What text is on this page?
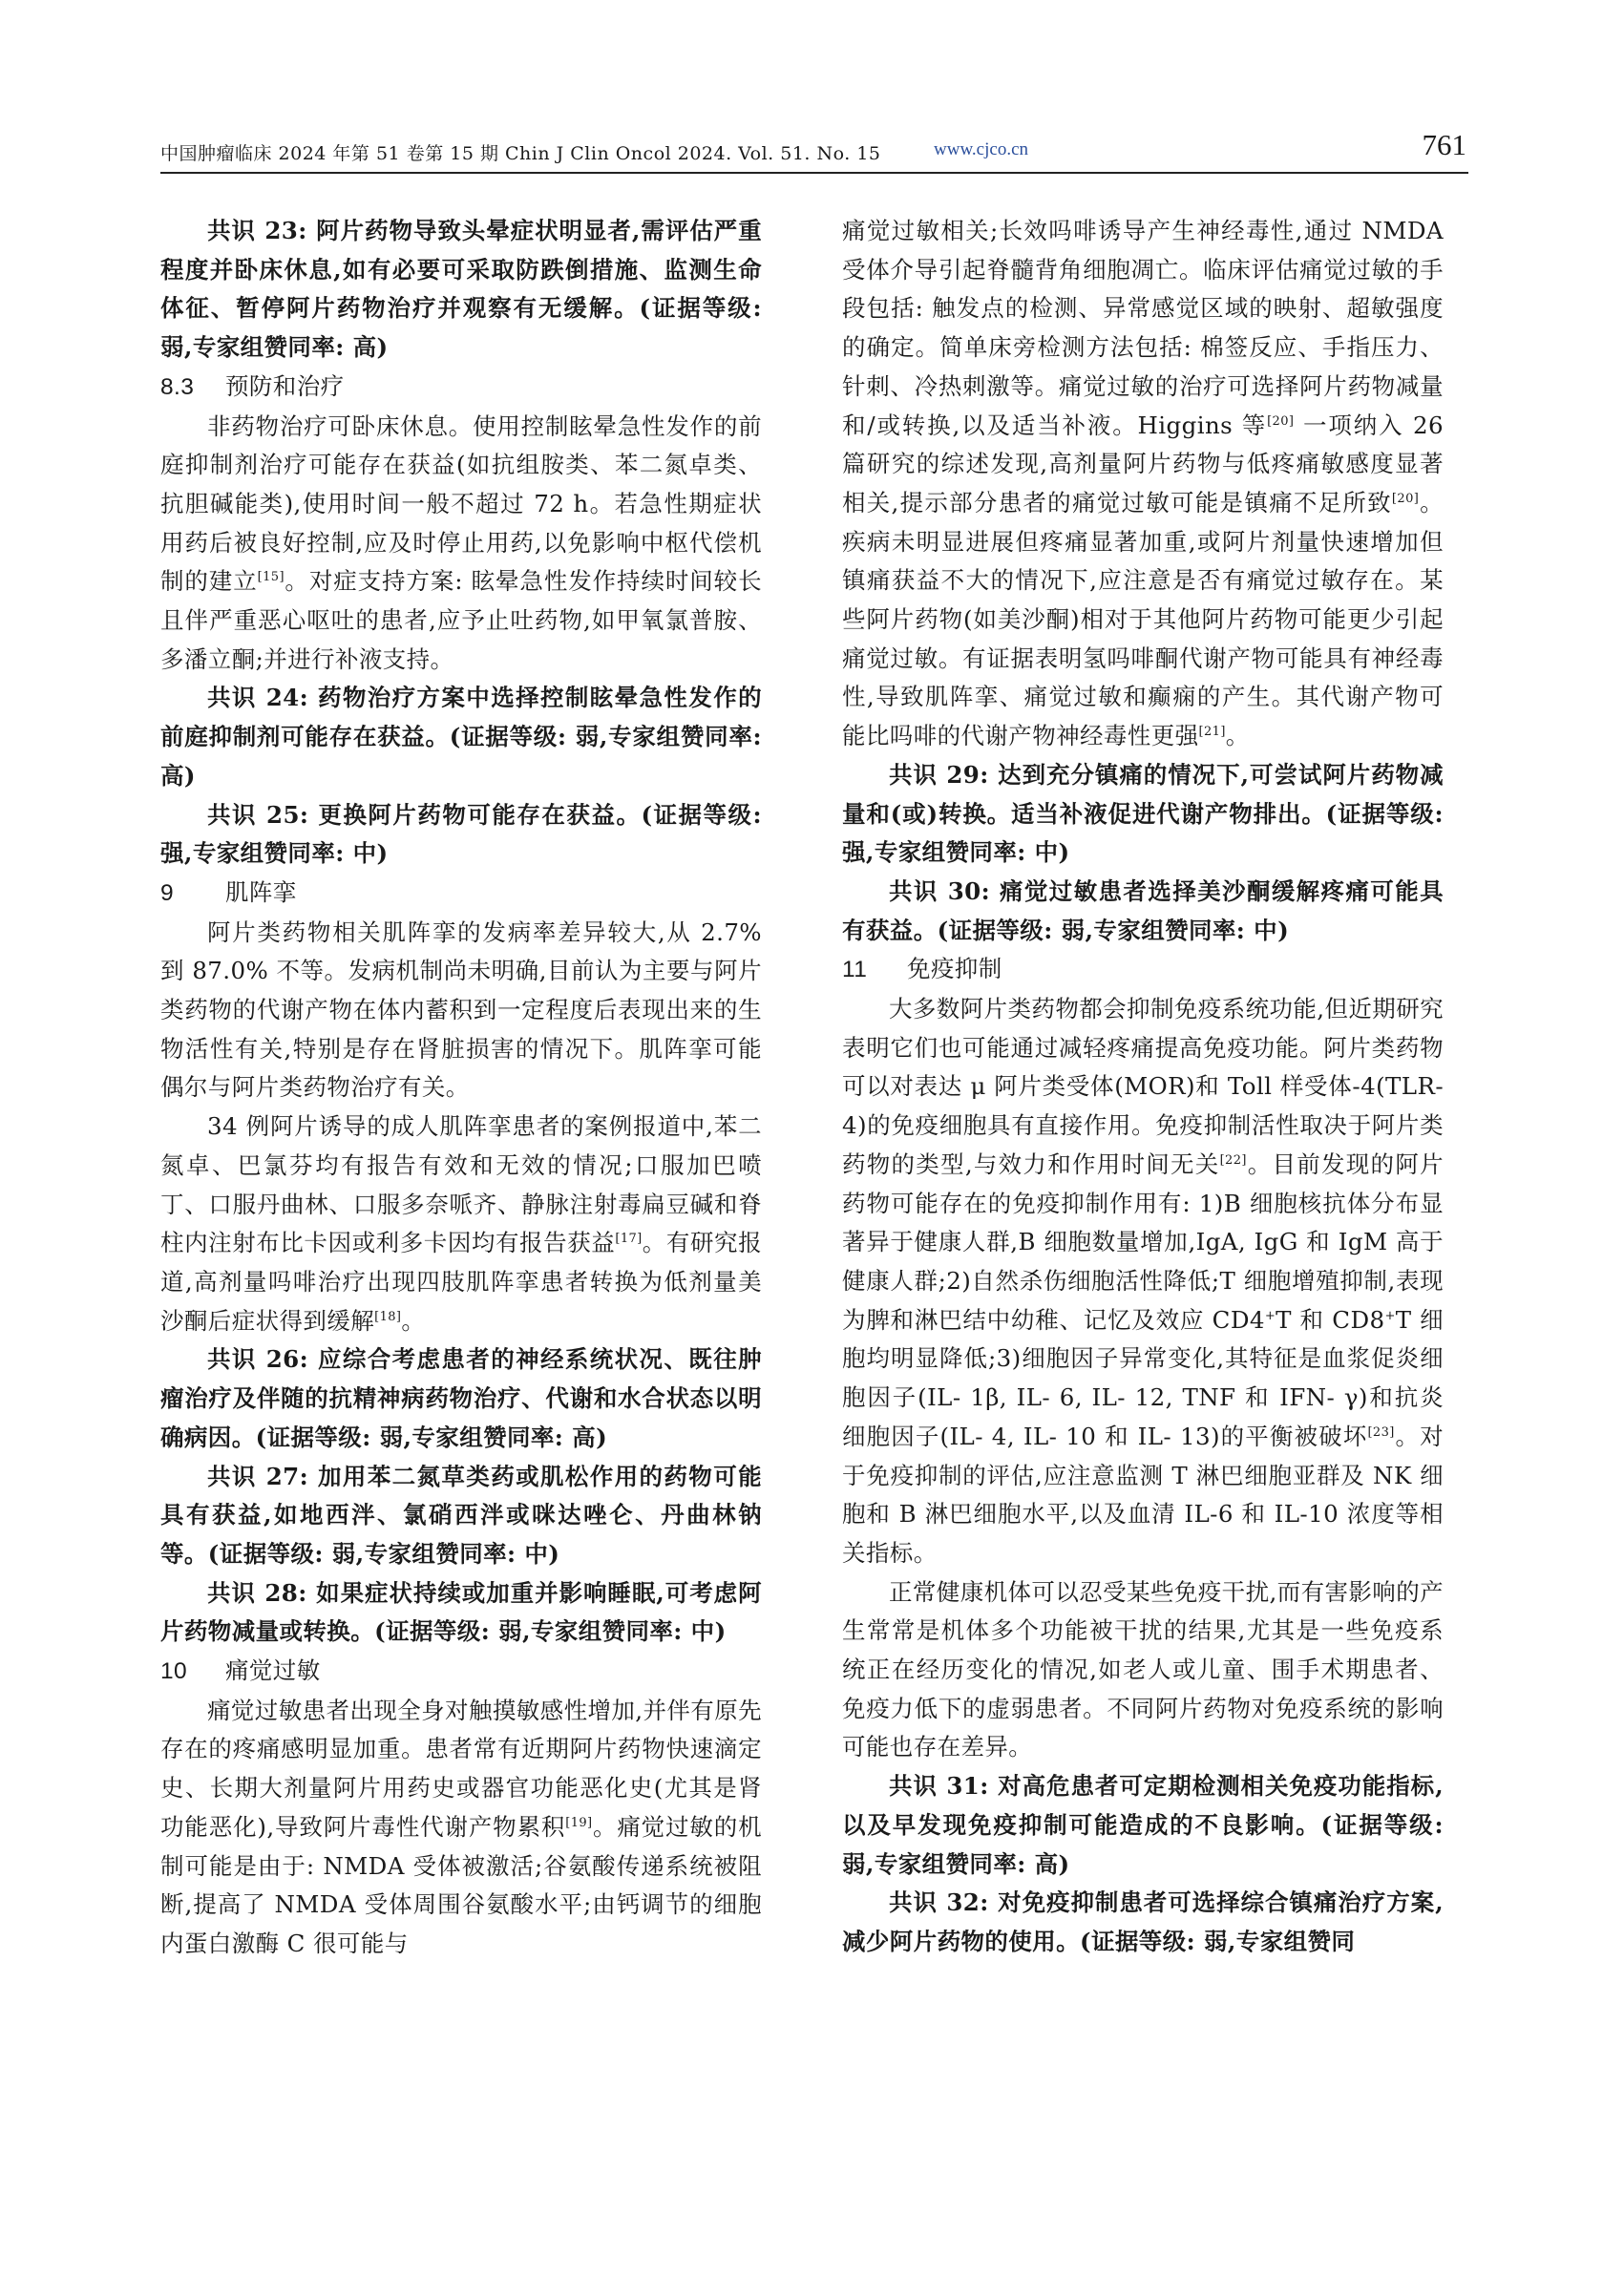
中国肿瘤临床 2024 年第 51 卷第 15 期 Chin J Clin Oncol 2024. Vol. 51. No. 15	www.cjco.cn	761

共识 23: 阿片药物导致头晕症状明显者,需评估严重程度并卧床休息,如有必要可采取防跌倒措施、监测生命体征、暂停阿片药物治疗并观察有无缓解。(证据等级: 弱,专家组赞同率: 高)

8.3 预防和治疗

非药物治疗可卧床休息。使用控制眩晕急性发作的前庭抑制剂治疗可能存在获益(如抗组胺类、苯二氮卓类、抗胆碱能类),使用时间一般不超过 72 h。若急性期症状用药后被良好控制,应及时停止用药,以免影响中枢代偿机制的建立[15]。对症支持方案: 眩晕急性发作持续时间较长且伴严重恶心呕吐的患者,应予止吐药物,如甲氧氯普胺、多潘立酮;并进行补液支持。

共识 24: 药物治疗方案中选择控制眩晕急性发作的前庭抑制剂可能存在获益。(证据等级: 弱,专家组赞同率: 高)

共识 25: 更换阿片药物可能存在获益。(证据等级: 强,专家组赞同率: 中)

9 肌阵挛

阿片类药物相关肌阵挛的发病率差异较大,从 2.7% 到 87.0% 不等。发病机制尚未明确,目前认为主要与阿片类药物的代谢产物在体内蓄积到一定程度后表现出来的生物活性有关,特别是存在肾脏损害的情况下。肌阵挛可能偶尔与阿片类药物治疗有关。

34 例阿片诱导的成人肌阵挛患者的案例报道中,苯二氮卓、巴氯芬均有报告有效和无效的情况;口服加巴喷丁、口服丹曲林、口服多奈哌齐、静脉注射毒扁豆碱和脊柱内注射布比卡因或利多卡因均有报告获益[17]。有研究报道,高剂量吗啡治疗出现四肢肌阵挛患者转换为低剂量美沙酮后症状得到缓解[18]。

共识 26: 应综合考虑患者的神经系统状况、既往肿瘤治疗及伴随的抗精神病药物治疗、代谢和水合状态以明确病因。(证据等级: 弱,专家组赞同率: 高)

共识 27: 加用苯二氮草类药或肌松作用的药物可能具有获益,如地西泮、氯硝西泮或咪达唑仑、丹曲林钠等。(证据等级: 弱,专家组赞同率: 中)

共识 28: 如果症状持续或加重并影响睡眠,可考虑阿片药物减量或转换。(证据等级: 弱,专家组赞同率: 中)

10 痛觉过敏

痛觉过敏患者出现全身对触摸敏感性增加,并伴有原先存在的疼痛感明显加重。患者常有近期阿片药物快速滴定史、长期大剂量阿片用药史或器官功能恶化史(尤其是肾功能恶化),导致阿片毒性代谢产物累积[19]。痛觉过敏的机制可能是由于: NMDA 受体被激活;谷氨酸传递系统被阻断,提高了 NMDA 受体周围谷氨酸水平;由钙调节的细胞内蛋白激酶 C 很可能与

痛觉过敏相关;长效吗啡诱导产生神经毒性,通过 NMDA 受体介导引起脊髓背角细胞凋亡。临床评估痛觉过敏的手段包括: 触发点的检测、异常感觉区域的映射、超敏强度的确定。简单床旁检测方法包括: 棉签反应、手指压力、针刺、冷热刺激等。痛觉过敏的治疗可选择阿片药物减量和/或转换,以及适当补液。Higgins 等[20] 一项纳入 26 篇研究的综述发现,高剂量阿片药物与低疼痛敏感度显著相关,提示部分患者的痛觉过敏可能是镇痛不足所致[20]。疾病未明显进展但疼痛显著加重,或阿片剂量快速增加但镇痛获益不大的情况下,应注意是否有痛觉过敏存在。某些阿片药物(如美沙酮)相对于其他阿片药物可能更少引起痛觉过敏。有证据表明氢吗啡酮代谢产物可能具有神经毒性,导致肌阵挛、痛觉过敏和癫痫的产生。其代谢产物可能比吗啡的代谢产物神经毒性更强[21]。

共识 29: 达到充分镇痛的情况下,可尝试阿片药物减量和(或)转换。适当补液促进代谢产物排出。(证据等级: 强,专家组赞同率: 中)

共识 30: 痛觉过敏患者选择美沙酮缓解疼痛可能具有获益。(证据等级: 弱,专家组赞同率: 中)

11 免疫抑制

大多数阿片类药物都会抑制免疫系统功能,但近期研究表明它们也可能通过减轻疼痛提高免疫功能。阿片类药物可以对表达 μ 阿片类受体(MOR)和 Toll 样受体-4(TLR-4)的免疫细胞具有直接作用。免疫抑制活性取决于阿片类药物的类型,与效力和作用时间无关[22]。目前发现的阿片药物可能存在的免疫抑制作用有: 1)B 细胞核抗体分布显著异于健康人群,B 细胞数量增加,IgA, IgG 和 IgM 高于健康人群;2)自然杀伤细胞活性降低;T 细胞增殖抑制,表现为脾和淋巴结中幼稚、记忆及效应 CD4+T 和 CD8+T 细胞均明显降低;3)细胞因子异常变化,其特征是血浆促炎细胞因子(IL- 1β, IL- 6, IL- 12, TNF 和 IFN- γ)和抗炎细胞因子(IL- 4, IL- 10 和 IL- 13)的平衡被破坏[23]。对于免疫抑制的评估,应注意监测 T 淋巴细胞亚群及 NK 细胞和 B 淋巴细胞水平,以及血清 IL-6 和 IL-10 浓度等相关指标。

正常健康机体可以忍受某些免疫干扰,而有害影响的产生常常是机体多个功能被干扰的结果,尤其是一些免疫系统正在经历变化的情况,如老人或儿童、围手术期患者、免疫力低下的虚弱患者。不同阿片药物对免疫系统的影响可能也存在差异。

共识 31: 对高危患者可定期检测相关免疫功能指标,以及早发现免疫抑制可能造成的不良影响。(证据等级: 弱,专家组赞同率: 高)

共识 32: 对免疫抑制患者可选择综合镇痛治疗方案,减少阿片药物的使用。(证据等级: 弱,专家组赞同
